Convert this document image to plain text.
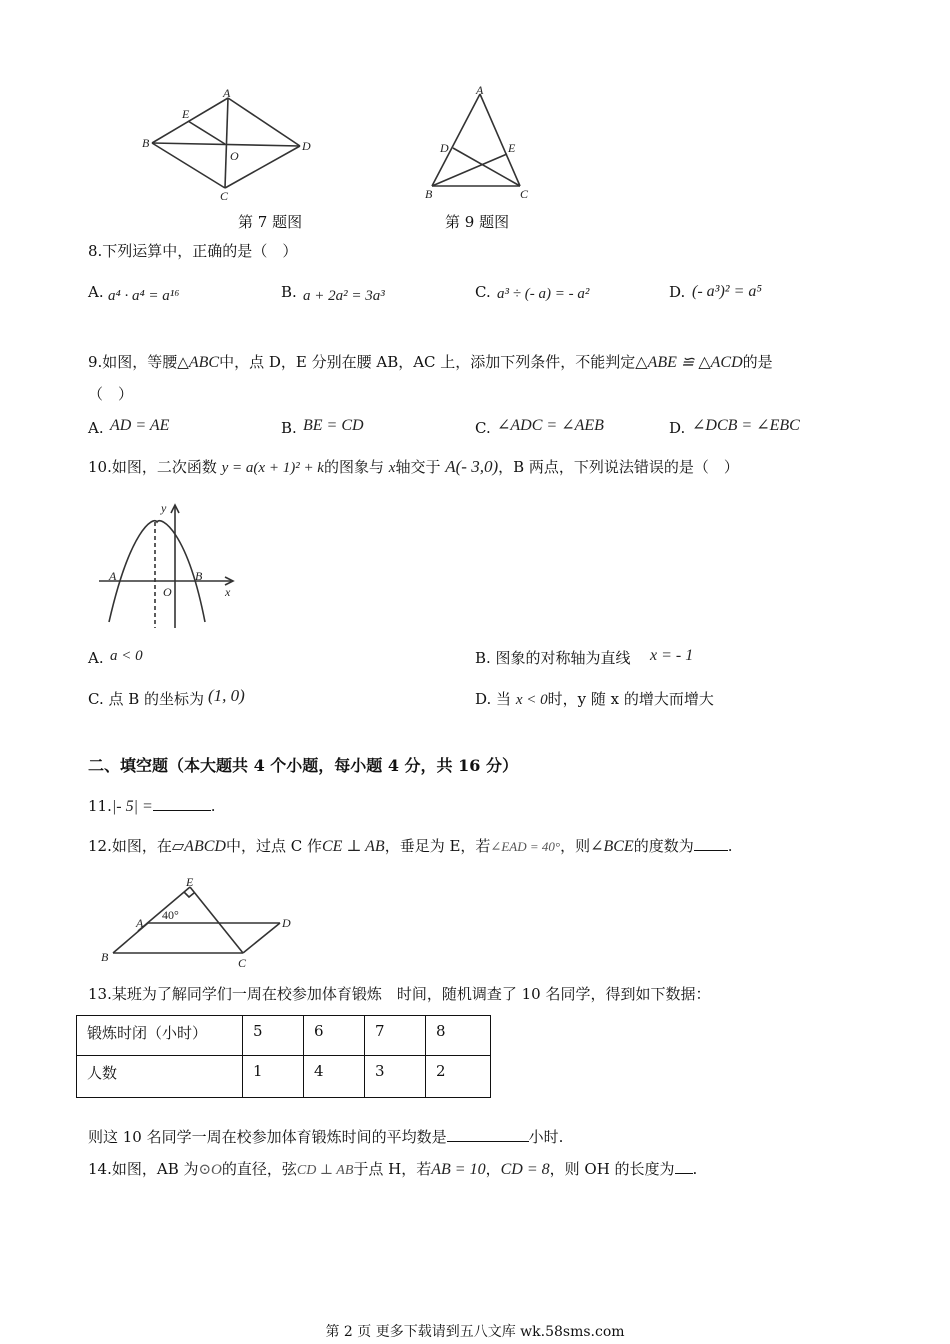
A
B
C
D
E
O
第 7 题图
A
B	C
D	E
第 9 题图
8.下列运算中，正确的是（　）
A. a⁴ · a⁴ = a¹⁶	B. a + 2a² = 3a³	C. a³ ÷ (- a) = - a²	D. (- a³)² = a⁵
9.如图，等腰△ABC中，点 D，E 分别在腰 AB，AC 上，添加下列条件，不能判定△ABE ≌ △ACD的是
（　）
A. AD = AE	B. BE = CD	C. ∠ADC = ∠AEB	D. ∠DCB = ∠EBC
10.如图，二次函数 y = a(x + 1)² + k的图象与 x轴交于 A(- 3,0)，B 两点，下列说法错误的是（　）
A	B
O	x
y
A. a < 0	B. 图象的对称轴为直线 x = - 1
C. 点 B 的坐标为 (1, 0)	D. 当 x < 0时，y 随 x 的增大而增大
二、填空题（本大题共 4 个小题，每小题 4 分，共 16 分）
11.|- 5| =	.
12.如图，在▱ABCD中，过点 C 作CE ⊥ AB，垂足为 E，若∠EAD = 40°，则∠BCE的度数为 .
A
B	C
D
E
40°
13.某班为了解同学们一周在校参加体育锻炼　时间，随机调查了 10 名同学，得到如下数据：
锻炼时闭（小时）	5	6	7	8
人数	1	4	3	2
则这 10 名同学一周在校参加体育锻炼时间的平均数是	小时.
14.如图，AB 为⊙O的直径，弦CD ⊥ AB于点 H，若AB = 10，CD = 8，则 OH 的长度为 .
第 2 页 更多下载请到五八文库 wk.58sms.com
